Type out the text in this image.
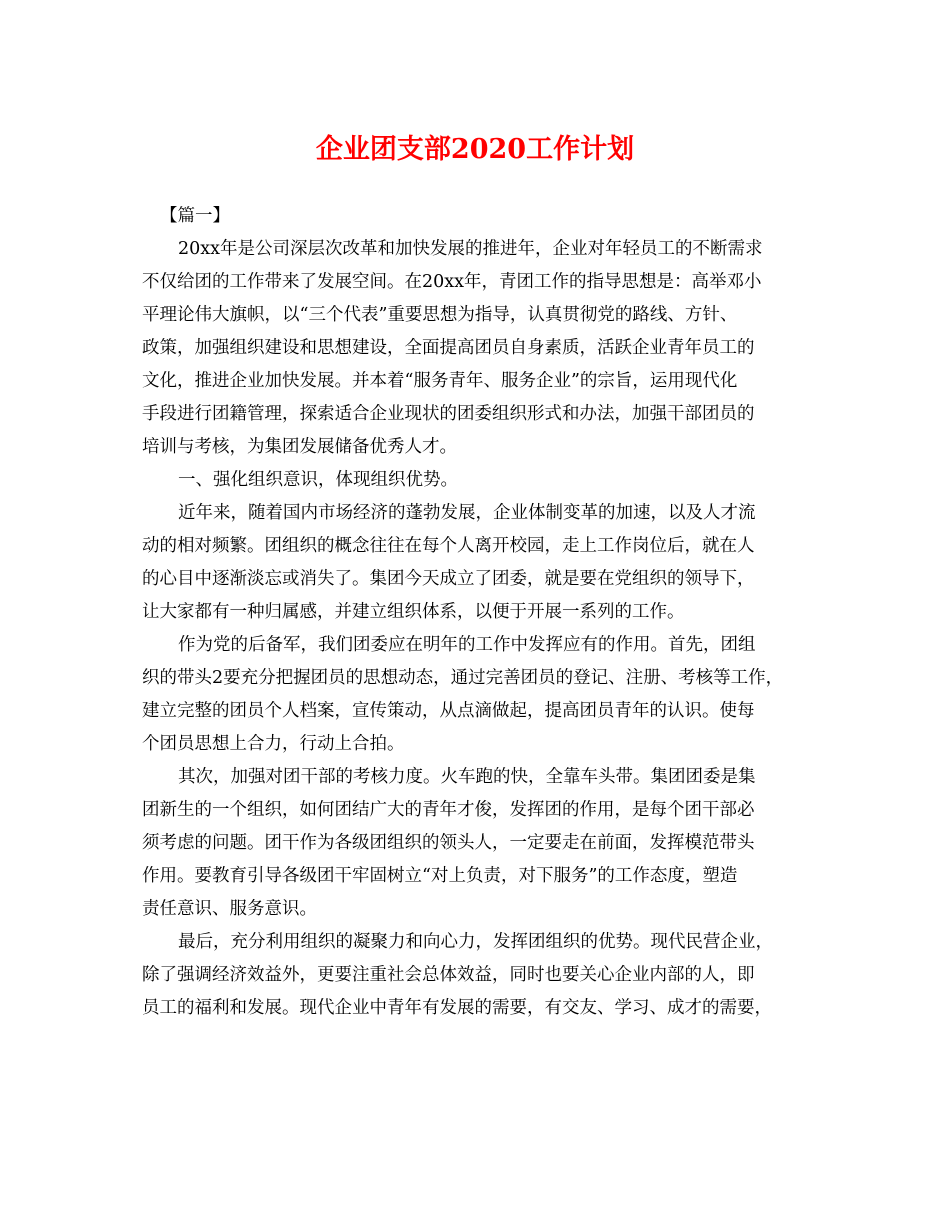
企业团支部2020工作计划
【篇一】
20xx年是公司深层次改革和加快发展的推进年，企业对年轻员工的不断需求
不仅给团的工作带来了发展空间。在20xx年，青团工作的指导思想是：高举邓小
平理论伟大旗帜，以“三个代表”重要思想为指导，认真贯彻党的路线、方针、
政策，加强组织建设和思想建设，全面提高团员自身素质，活跃企业青年员工的
文化，推进企业加快发展。并本着“服务青年、服务企业”的宗旨，运用现代化
手段进行团籍管理，探索适合企业现状的团委组织形式和办法，加强干部团员的
培训与考核，为集团发展储备优秀人才。
一、强化组织意识，体现组织优势。
近年来，随着国内市场经济的蓬勃发展，企业体制变革的加速，以及人才流
动的相对频繁。团组织的概念往往在每个人离开校园，走上工作岗位后，就在人
的心目中逐渐淡忘或消失了。集团今天成立了团委，就是要在党组织的领导下，
让大家都有一种归属感，并建立组织体系，以便于开展一系列的工作。
作为党的后备军，我们团委应在明年的工作中发挥应有的作用。首先，团组
织的带头2要充分把握团员的思想动态，通过完善团员的登记、注册、考核等工作，
建立完整的团员个人档案，宣传策动，从点滴做起，提高团员青年的认识。使每
个团员思想上合力，行动上合拍。
其次，加强对团干部的考核力度。火车跑的快，全靠车头带。集团团委是集
团新生的一个组织，如何团结广大的青年才俊，发挥团的作用，是每个团干部必
须考虑的问题。团干作为各级团组织的领头人，一定要走在前面，发挥模范带头
作用。要教育引导各级团干牢固树立“对上负责，对下服务”的工作态度，塑造
责任意识、服务意识。
最后，充分利用组织的凝聚力和向心力，发挥团组织的优势。现代民营企业，
除了强调经济效益外，更要注重社会总体效益，同时也要关心企业内部的人，即
员工的福利和发展。现代企业中青年有发展的需要，有交友、学习、成才的需要，
